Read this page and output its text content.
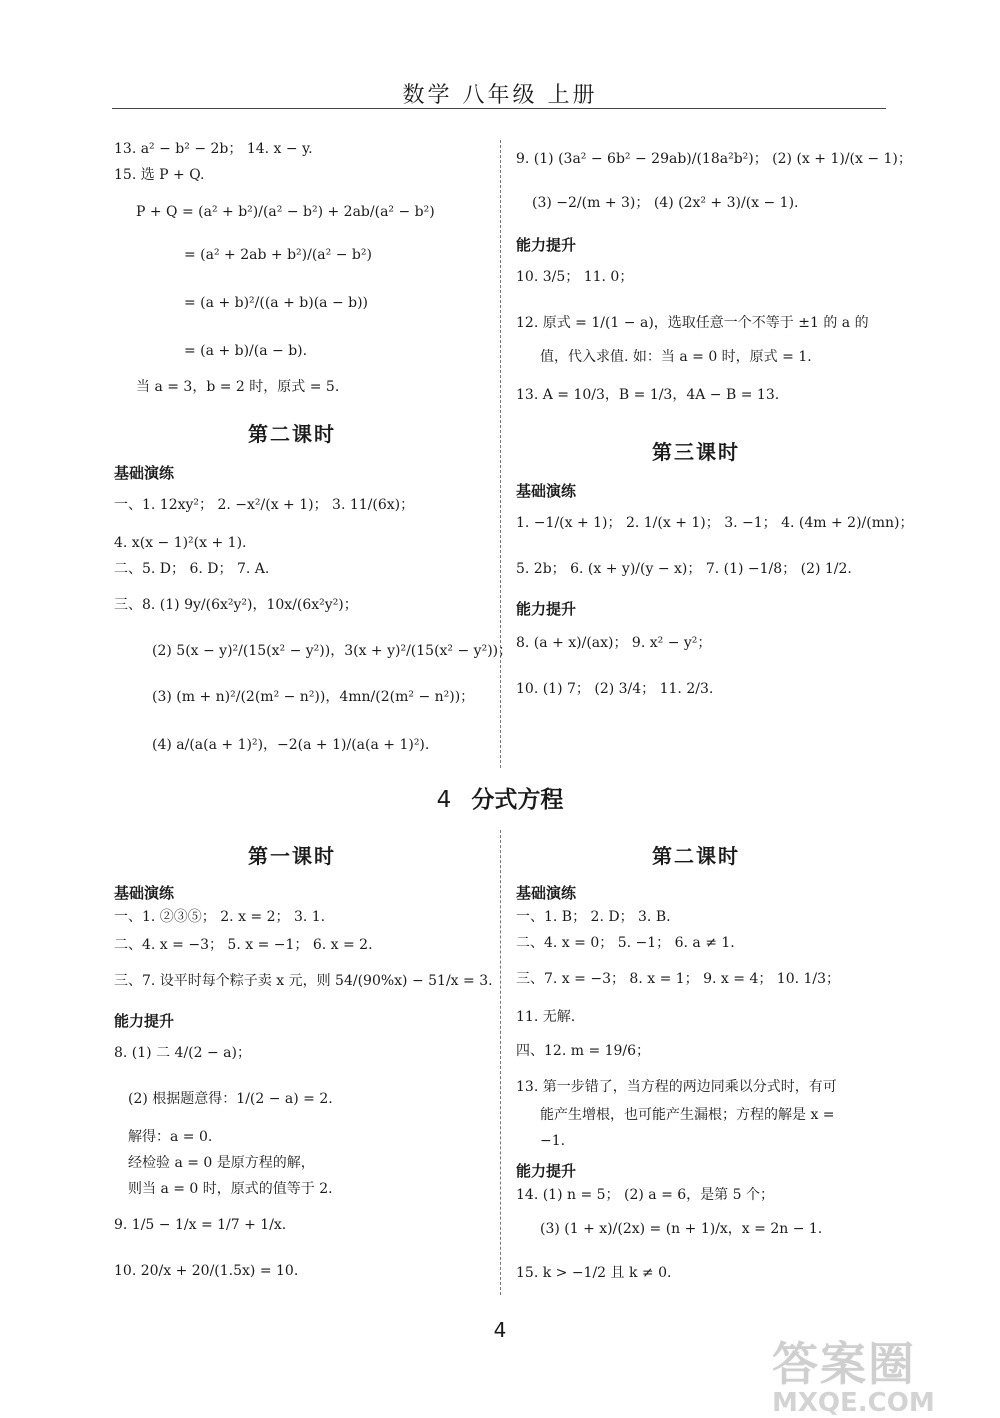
数学 八年级 上册
13. a² − b² − 2b； 14. x − y.
15. 选 P + Q.
P + Q = (a² + b²)/(a² − b²) + 2ab/(a² − b²)
= (a² + 2ab + b²)/(a² − b²)
= (a + b)²/((a + b)(a − b))
= (a + b)/(a − b).
当 a = 3，b = 2 时，原式 = 5.
第二课时
基础演练
一、1. 12xy²； 2. −x²/(x + 1)； 3. 11/(6x)；
4. x(x − 1)²(x + 1).
二、5. D； 6. D； 7. A.
三、8. (1) 9y/(6x²y²)，10x/(6x²y²)；
(2) 5(x − y)²/(15(x² − y²))，3(x + y)²/(15(x² − y²))；
(3) (m + n)²/(2(m² − n²))，4mn/(2(m² − n²))；
(4) a/(a(a + 1)²)，−2(a + 1)/(a(a + 1)²).
9. (1) (3a² − 6b² − 29ab)/(18a²b²)； (2) (x + 1)/(x − 1)；
(3) −2/(m + 3)； (4) (2x² + 3)/(x − 1).
能力提升
10. 3/5； 11. 0；
12. 原式 = 1/(1 − a)，选取任意一个不等于 ±1 的 a 的
值，代入求值. 如：当 a = 0 时，原式 = 1.
13. A = 10/3，B = 1/3，4A − B = 13.
第三课时
基础演练
1. −1/(x + 1)； 2. 1/(x + 1)； 3. −1； 4. (4m + 2)/(mn)；
5. 2b； 6. (x + y)/(y − x)； 7. (1) −1/8； (2) 1/2.
能力提升
8. (a + x)/(ax)； 9. x² − y²；
10. (1) 7； (2) 3/4； 11. 2/3.
4 分式方程
第一课时
基础演练
一、1. ②③⑤； 2. x = 2； 3. 1.
二、4. x = −3； 5. x = −1； 6. x = 2.
三、7. 设平时每个粽子卖 x 元，则 54/(90%x) − 51/x = 3.
能力提升
8. (1) 二 4/(2 − a)；
(2) 根据题意得：1/(2 − a) = 2.
解得：a = 0.
经检验 a = 0 是原方程的解，
则当 a = 0 时，原式的值等于 2.
9. 1/5 − 1/x = 1/7 + 1/x.
10. 20/x + 20/(1.5x) = 10.
第二课时
基础演练
一、1. B； 2. D； 3. B.
二、4. x = 0； 5. −1； 6. a ≠ 1.
三、7. x = −3； 8. x = 1； 9. x = 4； 10. 1/3；
11. 无解.
四、12. m = 19/6；
13. 第一步错了，当方程的两边同乘以分式时，有可
能产生增根，也可能产生漏根；方程的解是 x =
−1.
能力提升
14. (1) n = 5； (2) a = 6，是第 5 个；
(3) (1 + x)/(2x) = (n + 1)/x，x = 2n − 1.
15. k > −1/2 且 k ≠ 0.
4
答案圈
MXQE.COM
